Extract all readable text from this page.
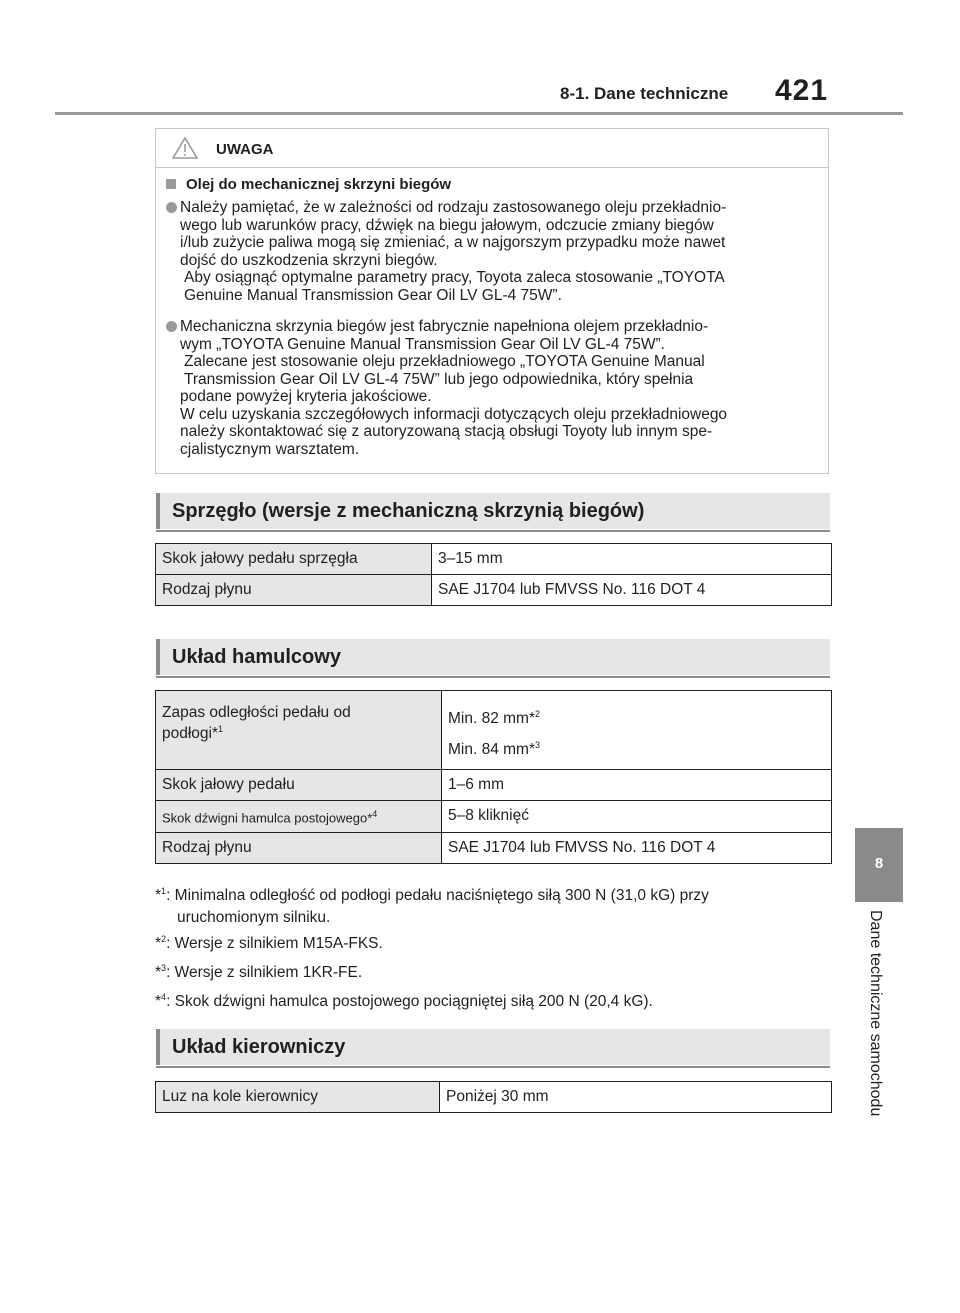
8-1. Dane techniczne 421
8
Dane techniczne samochodu
UWAGA
Olej do mechanicznej skrzyni biegów
Należy pamiętać, że w zależności od rodzaju zastosowanego oleju przekładnio-
wego lub warunków pracy, dźwięk na biegu jałowym, odczucie zmiany biegów
i/lub zużycie paliwa mogą się zmieniać, a w najgorszym przypadku może nawet
dojść do uszkodzenia skrzyni biegów.
Aby osiągnąć optymalne parametry pracy, Toyota zaleca stosowanie „TOYOTA
Genuine Manual Transmission Gear Oil LV GL-4 75W”.
Mechaniczna skrzynia biegów jest fabrycznie napełniona olejem przekładnio-
wym „TOYOTA Genuine Manual Transmission Gear Oil LV GL-4 75W”.
Zalecane jest stosowanie oleju przekładniowego „TOYOTA Genuine Manual
Transmission Gear Oil LV GL-4 75W” lub jego odpowiednika, który spełnia
podane powyżej kryteria jakościowe.
W celu uzyskania szczegółowych informacji dotyczących oleju przekładniowego
należy skontaktować się z autoryzowaną stacją obsługi Toyoty lub innym spe-
cjalistycznym warsztatem.
Sprzęgło (wersje z mechaniczną skrzynią biegów)
Skok jałowy pedału sprzęgła	3–15 mm
Rodzaj płynu	SAE J1704 lub FMVSS No. 116 DOT 4
Układ hamulcowy
Zapas odległości pedału od
podłogi*$^1$	Min. 82 mm*$^2$
Min. 84 mm*$^3$
Skok jałowy pedału	1–6 mm
Skok dźwigni hamulca postojowego*$^4$	5–8 kliknięć
Rodzaj płynu	SAE J1704 lub FMVSS No. 116 DOT 4
*$^1$: Minimalna odległość od podłogi pedału naciśniętego siłą 300 N (31,0 kG) przy
uruchomionym silniku.
*$^2$: Wersje z silnikiem M15A-FKS.
*$^3$: Wersje z silnikiem 1KR-FE.
*$^4$: Skok dźwigni hamulca postojowego pociągniętej siłą 200 N (20,4 kG).
Układ kierowniczy
Luz na kole kierownicy	Poniżej 30 mm
